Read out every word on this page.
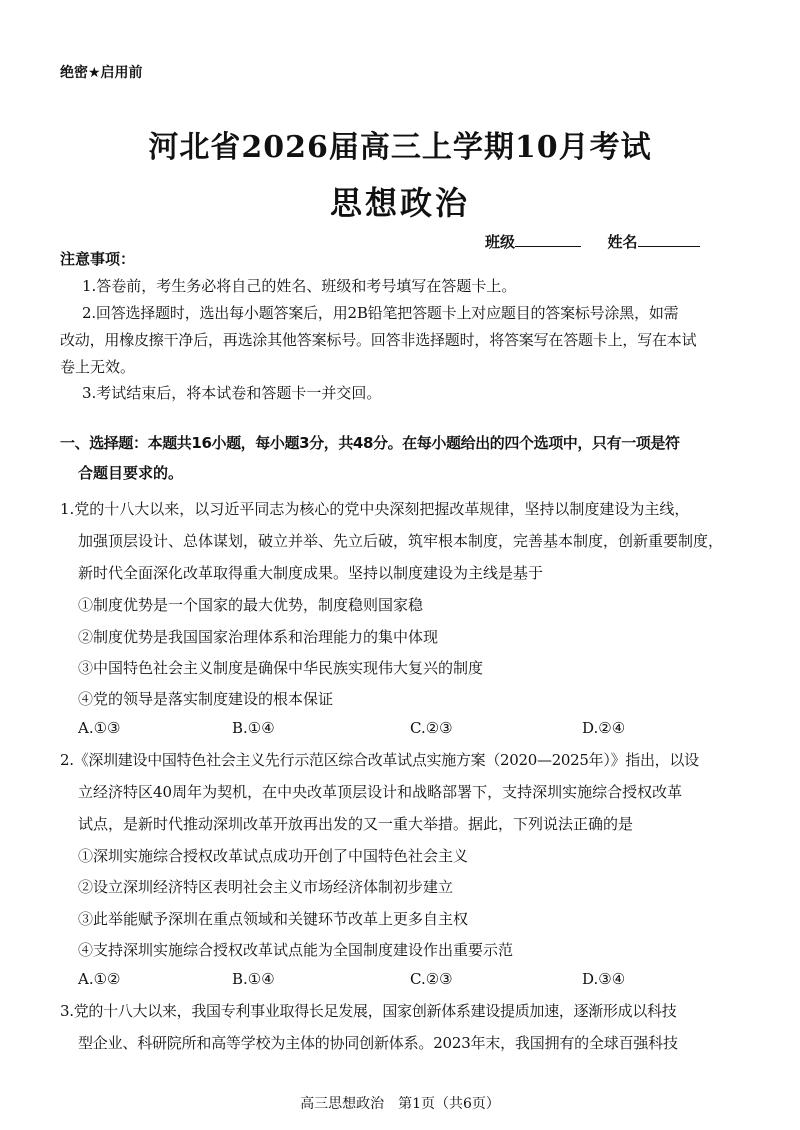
绝密★启用前
河北省2026届高三上学期10月考试
思想政治
班级	姓名
注意事项：
1.答卷前，考生务必将自己的姓名、班级和考号填写在答题卡上。
2.回答选择题时，选出每小题答案后，用2B铅笔把答题卡上对应题目的答案标号涂黑，如需
改动，用橡皮擦干净后，再选涂其他答案标号。回答非选择题时，将答案写在答题卡上，写在本试
卷上无效。
3.考试结束后，将本试卷和答题卡一并交回。
一、选择题：本题共16小题，每小题3分，共48分。在每小题给出的四个选项中，只有一项是符
合题目要求的。
1.党的十八大以来，以习近平同志为核心的党中央深刻把握改革规律，坚持以制度建设为主线，
加强顶层设计、总体谋划，破立并举、先立后破，筑牢根本制度，完善基本制度，创新重要制度，
新时代全面深化改革取得重大制度成果。坚持以制度建设为主线是基于
①制度优势是一个国家的最大优势，制度稳则国家稳
②制度优势是我国国家治理体系和治理能力的集中体现
③中国特色社会主义制度是确保中华民族实现伟大复兴的制度
④党的领导是落实制度建设的根本保证
A.①③	B.①④	C.②③	D.②④
2.《深圳建设中国特色社会主义先行示范区综合改革试点实施方案（2020—2025年）》指出，以设
立经济特区40周年为契机，在中央改革顶层设计和战略部署下，支持深圳实施综合授权改革
试点，是新时代推动深圳改革开放再出发的又一重大举措。据此，下列说法正确的是
①深圳实施综合授权改革试点成功开创了中国特色社会主义
②设立深圳经济特区表明社会主义市场经济体制初步建立
③此举能赋予深圳在重点领域和关键环节改革上更多自主权
④支持深圳实施综合授权改革试点能为全国制度建设作出重要示范
A.①②	B.①④	C.②③	D.③④
3.党的十八大以来，我国专利事业取得长足发展，国家创新体系建设提质加速，逐渐形成以科技
型企业、科研院所和高等学校为主体的协同创新体系。2023年末，我国拥有的全球百强科技
高三思想政治　第1页（共6页）
